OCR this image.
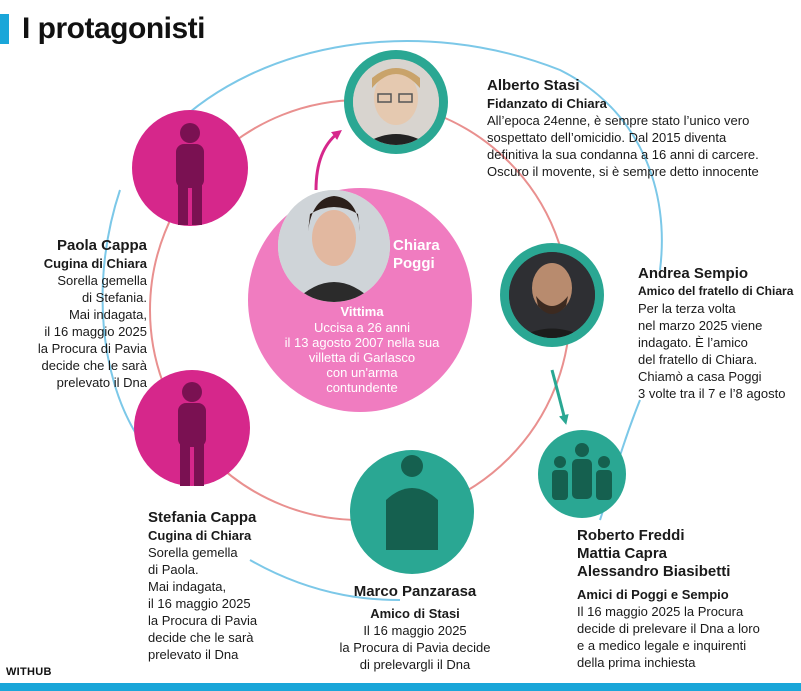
I protagonisti
Chiara
Poggi
Vittima
Uccisa a 26 anni
il 13 agosto 2007 nella sua
villetta di Garlasco
con un'arma
contundente
Alberto Stasi
Fidanzato di Chiara
All’epoca 24enne, è sempre stato l’unico vero
sospettato dell’omicidio. Dal 2015 diventa
definitiva la sua condanna a 16 anni di carcere.
Oscuro il movente, si è sempre detto innocente
Andrea Sempio
Amico del fratello di Chiara
Per la terza volta
nel marzo 2025 viene
indagato. È l’amico
del fratello di Chiara.
Chiamò a casa Poggi
3 volte tra il 7 e l’8 agosto
Roberto Freddi
Mattia Capra
Alessandro Biasibetti
Amici di Poggi e Sempio
Il 16 maggio 2025 la Procura
decide di prelevare il Dna a loro
e a medico legale e inquirenti
della prima inchiesta
Marco Panzarasa
Amico di Stasi
Il 16 maggio 2025
la Procura di Pavia decide
di prelevargli il Dna
Stefania Cappa
Cugina di Chiara
Sorella gemella
di Paola.
Mai indagata,
il 16 maggio 2025
la Procura di Pavia
decide che le sarà
prelevato il Dna
Paola Cappa
Cugina di Chiara
Sorella gemella
di Stefania.
Mai indagata,
il 16 maggio 2025
la Procura di Pavia
decide che le sarà
prelevato il Dna
WITHUB
